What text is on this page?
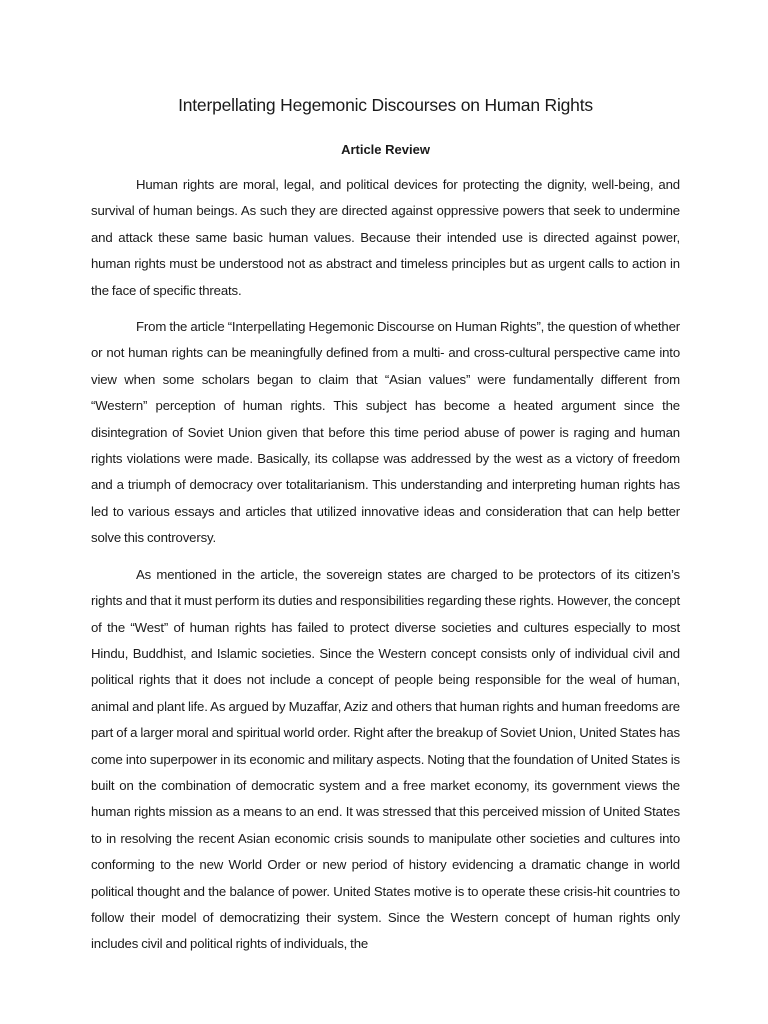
Interpellating Hegemonic Discourses on Human Rights
Article Review

Human rights are moral, legal, and political devices for protecting the dignity, well-being, and survival of human beings. As such they are directed against oppressive powers that seek to undermine and attack these same basic human values. Because their intended use is directed against power, human rights must be understood not as abstract and timeless principles but as urgent calls to action in the face of specific threats.

From the article “Interpellating Hegemonic Discourse on Human Rights”, the question of whether or not human rights can be meaningfully defined from a multi- and cross-cultural perspective came into view when some scholars began to claim that “Asian values” were fundamentally different from “Western” perception of human rights. This subject has become a heated argument since the disintegration of Soviet Union given that before this time period abuse of power is raging and human rights violations were made. Basically, its collapse was addressed by the west as a victory of freedom and a triumph of democracy over totalitarianism. This understanding and interpreting human rights has led to various essays and articles that utilized innovative ideas and consideration that can help better solve this controversy.

As mentioned in the article, the sovereign states are charged to be protectors of its citizen’s rights and that it must perform its duties and responsibilities regarding these rights. However, the concept of the “West” of human rights has failed to protect diverse societies and cultures especially to most Hindu, Buddhist, and Islamic societies. Since the Western concept consists only of individual civil and political rights that it does not include a concept of people being responsible for the weal of human, animal and plant life. As argued by Muzaffar, Aziz and others that human rights and human freedoms are part of a larger moral and spiritual world order. Right after the breakup of Soviet Union, United States has come into superpower in its economic and military aspects. Noting that the foundation of United States is built on the combination of democratic system and a free market economy, its government views the human rights mission as a means to an end. It was stressed that this perceived mission of United States to in resolving the recent Asian economic crisis sounds to manipulate other societies and cultures into conforming to the new World Order or new period of history evidencing a dramatic change in world political thought and the balance of power. United States motive is to operate these crisis-hit countries to follow their model of democratizing their system. Since the Western concept of human rights only includes civil and political rights of individuals, the
